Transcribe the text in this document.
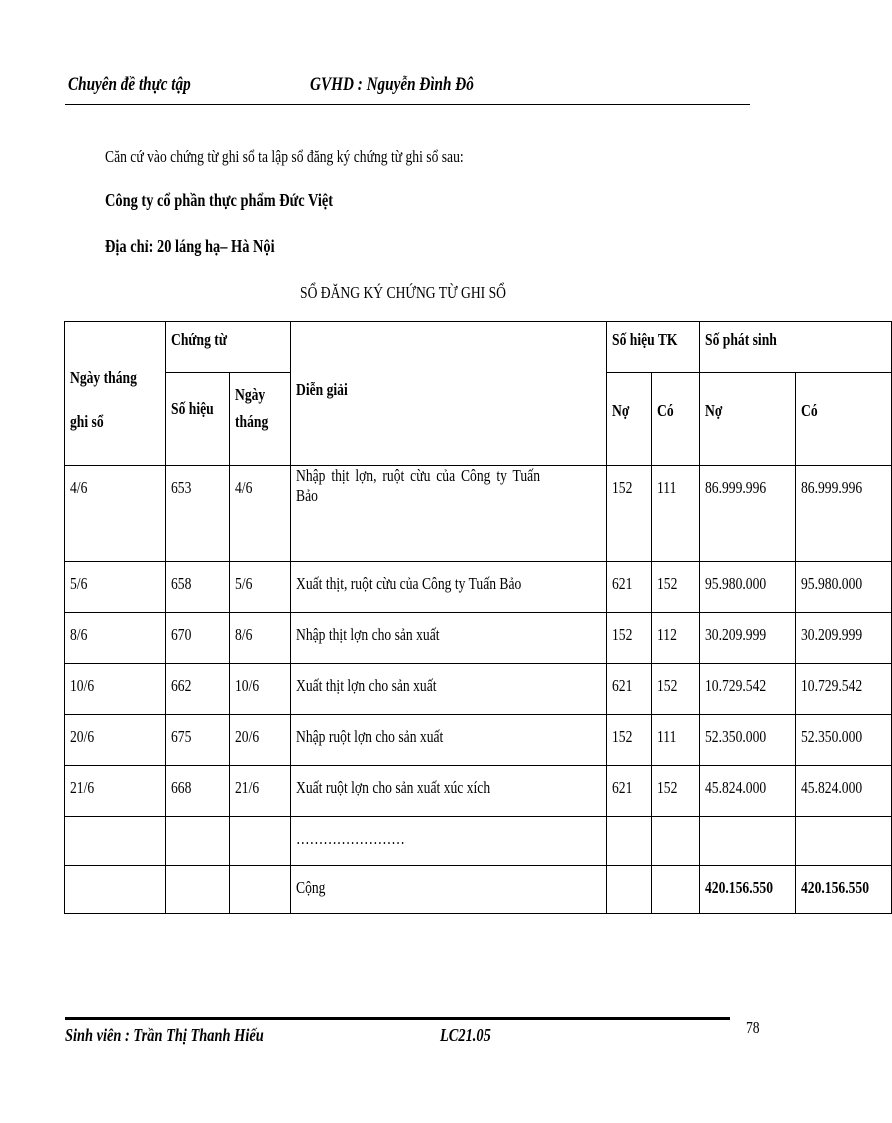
Chuyên đề thực tập	GVHD : Nguyễn Đình Đô
Căn cứ vào chứng từ ghi sổ ta lập sổ đăng ký chứng từ ghi sổ sau:
Công ty cổ phần thực phẩm Đức Việt
Địa chỉ: 20 láng hạ– Hà Nội
SỔ ĐĂNG KÝ CHỨNG TỪ GHI SỔ
Ngày tháng ghi sổ	Chứng từ		Diễn giải	Số hiệu TK		Số phát sinh	
	Số hiệu	Ngày tháng		Nợ	Có	Nợ	Có
4/6	653	4/6	Nhập thịt lợn, ruột cừu của Công ty Tuấn Bảo	152	111	86.999.996	86.999.996
5/6	658	5/6	Xuất thịt, ruột cừu của Công ty Tuấn Bảo	621	152	95.980.000	95.980.000
8/6	670	8/6	Nhập thịt lợn cho sản xuất	152	112	30.209.999	30.209.999
10/6	662	10/6	Xuất thịt lợn cho sản xuất	621	152	10.729.542	10.729.542
20/6	675	20/6	Nhập ruột lợn cho sản xuất	152	111	52.350.000	52.350.000
21/6	668	21/6	Xuất ruột lợn cho sản xuất xúc xích	621	152	45.824.000	45.824.000
			……………………				
			Cộng			420.156.550	420.156.550
Sinh viên : Trần Thị Thanh Hiếu	LC21.05	78
